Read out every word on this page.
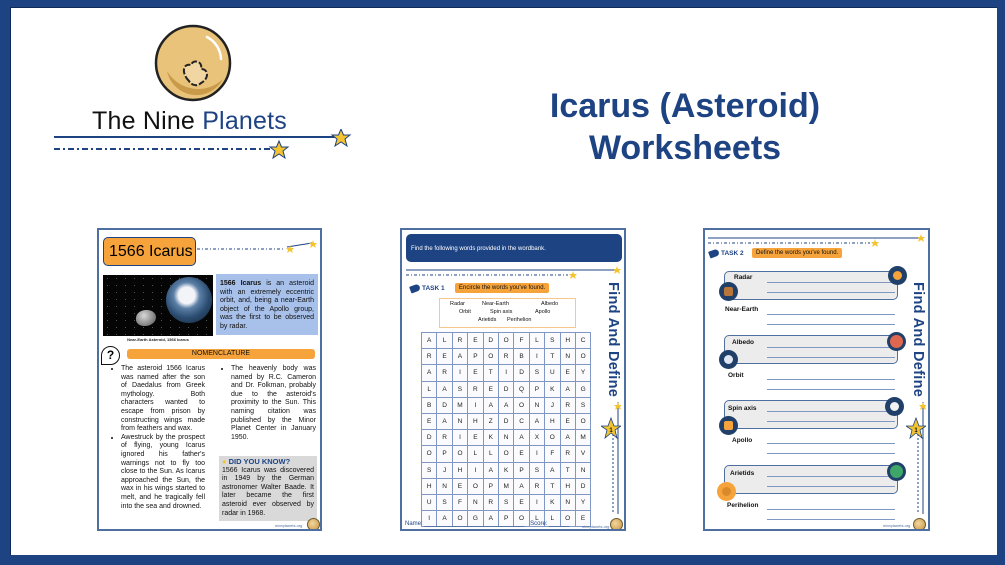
The Nine Planets	Icarus (Asteroid)
Worksheets
1566 Icarus
Near-Earth Asteroid, 1566 Icarus
1566 Icarus is an asteroid with an extremely eccentric orbit, and, being a near-Earth object of the Apollo group, was the first to be observed by radar.
?	NOMENCLATURE
• The asteroid 1566 Icarus was named after the son of Daedalus from Greek mythology. Both characters wanted to escape from prison by constructing wings made from feathers and wax.
• Awestruck by the prospect of flying, young Icarus ignored his father's warnings not to fly too close to the Sun. As Icarus approached the Sun, the wax in his wings started to melt, and he tragically fell into the sea and drowned.
• The heavenly body was named by R.C. Cameron and Dr. Folkman, probably due to the asteroid's proximity to the Sun. This naming citation was published by the Minor Planet Center in January 1950.
● DID YOU KNOW?
1566 Icarus was discovered in 1949 by the German astronomer Walter Baade. It later became the first asteroid ever observed by radar in 1968.
nineplanets.org
Find the following words provided in the wordbank.
TASK 1	Encircle the words you've found.
Radar	Near-Earth	Albedo
Orbit	Spin axis	Apollo
Arietids Perihelion
A	L	R	E	D	O	F	L	S	H	C
R	E	A	P	O	R	B	I	T	N	O
A	R	I	E	T	I	D	S	U	E	Y
L	A	S	R	E	D	Q	P	K	A	G
B	D	M	I	A	A	O	N	J	R	S
E	A	N	H	Z	D	C	A	H	E	O
D	R	I	E	K	N	A	X	O	A	M
O	P	O	L	L	O	E	I	F	R	V
S	J	H	I	A	K	P	S	A	T	N
H	N	E	O	P	M	A	R	T	H	D
U	S	F	N	R	S	E	I	K	N	Y
I	A	O	G	A	P	O	L	L	O	E
Name: ______________________________ Score: ______	nineplanets.org
Find And Define
1
TASK 2	Define the words you've found.
Radar
Near-Earth
Albedo
Orbit
Spin axis
Apollo
Arietids
Perihelion
nineplanets.org
Find And Define
1
